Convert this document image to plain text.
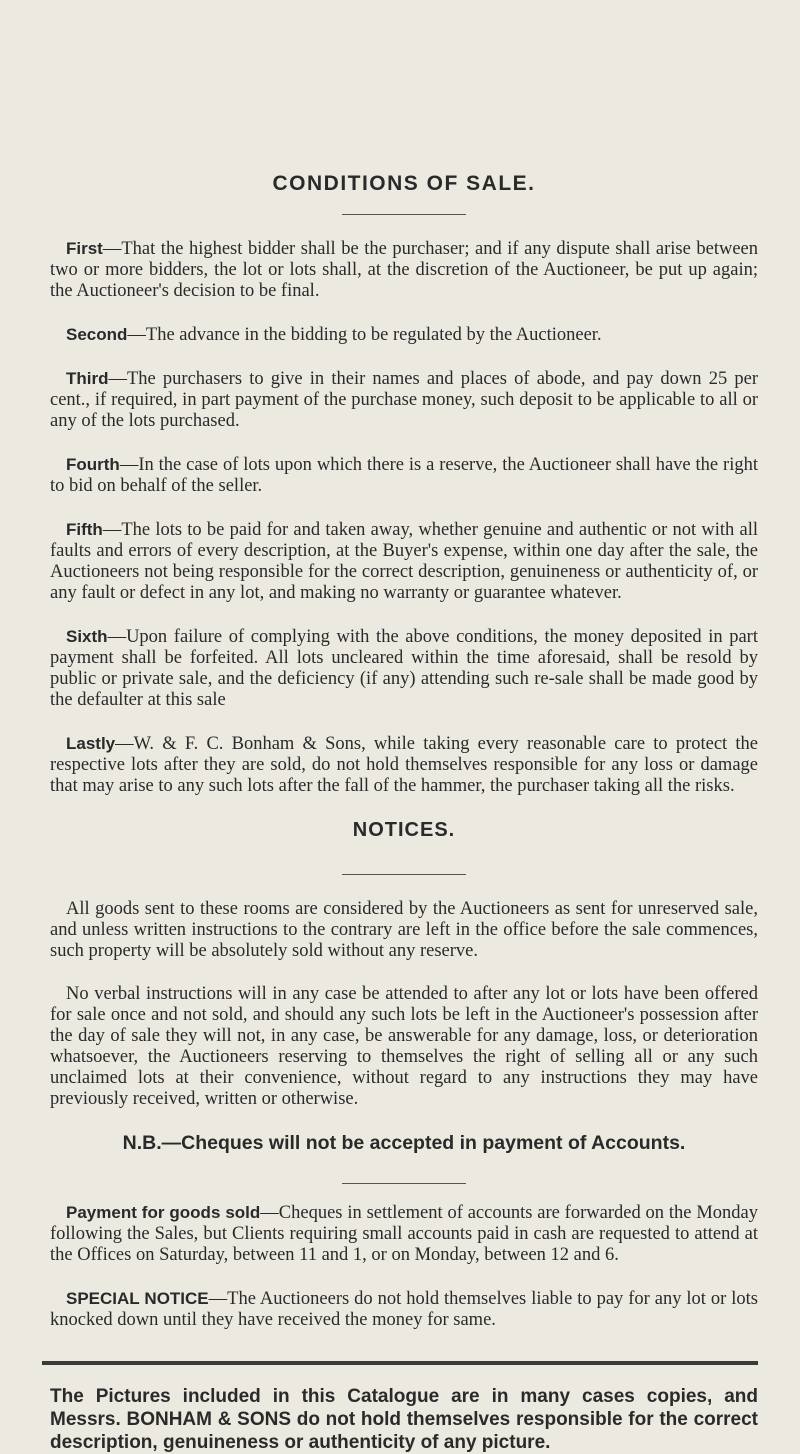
CONDITIONS OF SALE.

First—That the highest bidder shall be the purchaser; and if any dispute shall arise between two or more bidders, the lot or lots shall, at the discretion of the Auctioneer, be put up again; the Auctioneer's decision to be final.

Second—The advance in the bidding to be regulated by the Auctioneer.

Third—The purchasers to give in their names and places of abode, and pay down 25 per cent., if required, in part payment of the purchase money, such deposit to be applicable to all or any of the lots purchased.

Fourth—In the case of lots upon which there is a reserve, the Auctioneer shall have the right to bid on behalf of the seller.

Fifth—The lots to be paid for and taken away, whether genuine and authentic or not with all faults and errors of every description, at the Buyer's expense, within one day after the sale, the Auctioneers not being responsible for the correct description, genuineness or authenticity of, or any fault or defect in any lot, and making no warranty or guarantee whatever.

Sixth—Upon failure of complying with the above conditions, the money deposited in part payment shall be forfeited. All lots uncleared within the time aforesaid, shall be resold by public or private sale, and the deficiency (if any) attending such re-sale shall be made good by the defaulter at this sale

Lastly—W. & F. C. Bonham & Sons, while taking every reasonable care to protect the respective lots after they are sold, do not hold themselves responsible for any loss or damage that may arise to any such lots after the fall of the hammer, the purchaser taking all the risks.

NOTICES.

All goods sent to these rooms are considered by the Auctioneers as sent for unreserved sale, and unless written instructions to the contrary are left in the office before the sale commences, such property will be absolutely sold without any reserve.

No verbal instructions will in any case be attended to after any lot or lots have been offered for sale once and not sold, and should any such lots be left in the Auctioneer's possession after the day of sale they will not, in any case, be answerable for any damage, loss, or deterioration whatsoever, the Auctioneers reserving to themselves the right of selling all or any such unclaimed lots at their convenience, without regard to any instructions they may have previously received, written or otherwise.

N.B.—Cheques will not be accepted in payment of Accounts.

Payment for goods sold—Cheques in settlement of accounts are forwarded on the Monday following the Sales, but Clients requiring small accounts paid in cash are requested to attend at the Offices on Saturday, between 11 and 1, or on Monday, between 12 and 6.

SPECIAL NOTICE—The Auctioneers do not hold themselves liable to pay for any lot or lots knocked down until they have received the money for same.

The Pictures included in this Catalogue are in many cases copies, and Messrs. BONHAM & SONS do not hold themselves responsible for the correct description, genuineness or authenticity of any picture.
